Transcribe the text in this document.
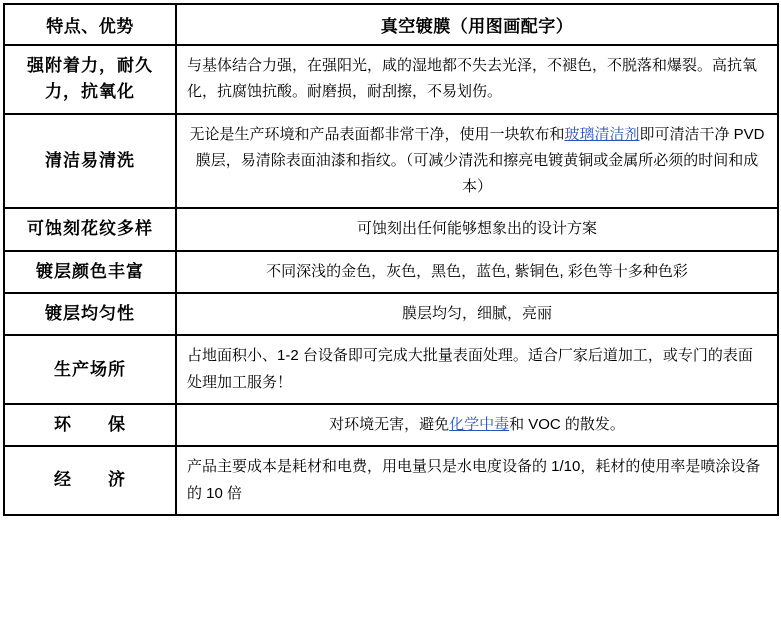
特点、优势	真空镀膜（用图画配字）
强附着力，耐久力，抗氧化	与基体结合力强，在强阳光，咸的湿地都不失去光泽，不褪色，不脱落和爆裂。高抗氧化，抗腐蚀抗酸。耐磨损，耐刮擦，不易划伤。
清洁易清洗	无论是生产环境和产品表面都非常干净，使用一块软布和玻璃清洁剂即可清洁干净 PVD 膜层，易清除表面油漆和指纹。（可减少清洗和擦亮电镀黄铜或金属所必须的时间和成本）
可蚀刻花纹多样	可蚀刻出任何能够想象出的设计方案
镀层颜色丰富	不同深浅的金色，灰色，黑色，蓝色, 紫铜色, 彩色等十多种色彩
镀层均匀性	膜层均匀，细腻，亮丽
生产场所	占地面积小、1-2 台设备即可完成大批量表面处理。适合厂家后道加工，或专门的表面处理加工服务！
环　　保	对环境无害，避免化学中毒和 VOC 的散发。
经　　济	产品主要成本是耗材和电费，用电量只是水电度设备的 1/10，耗材的使用率是喷涂设备的 10 倍
